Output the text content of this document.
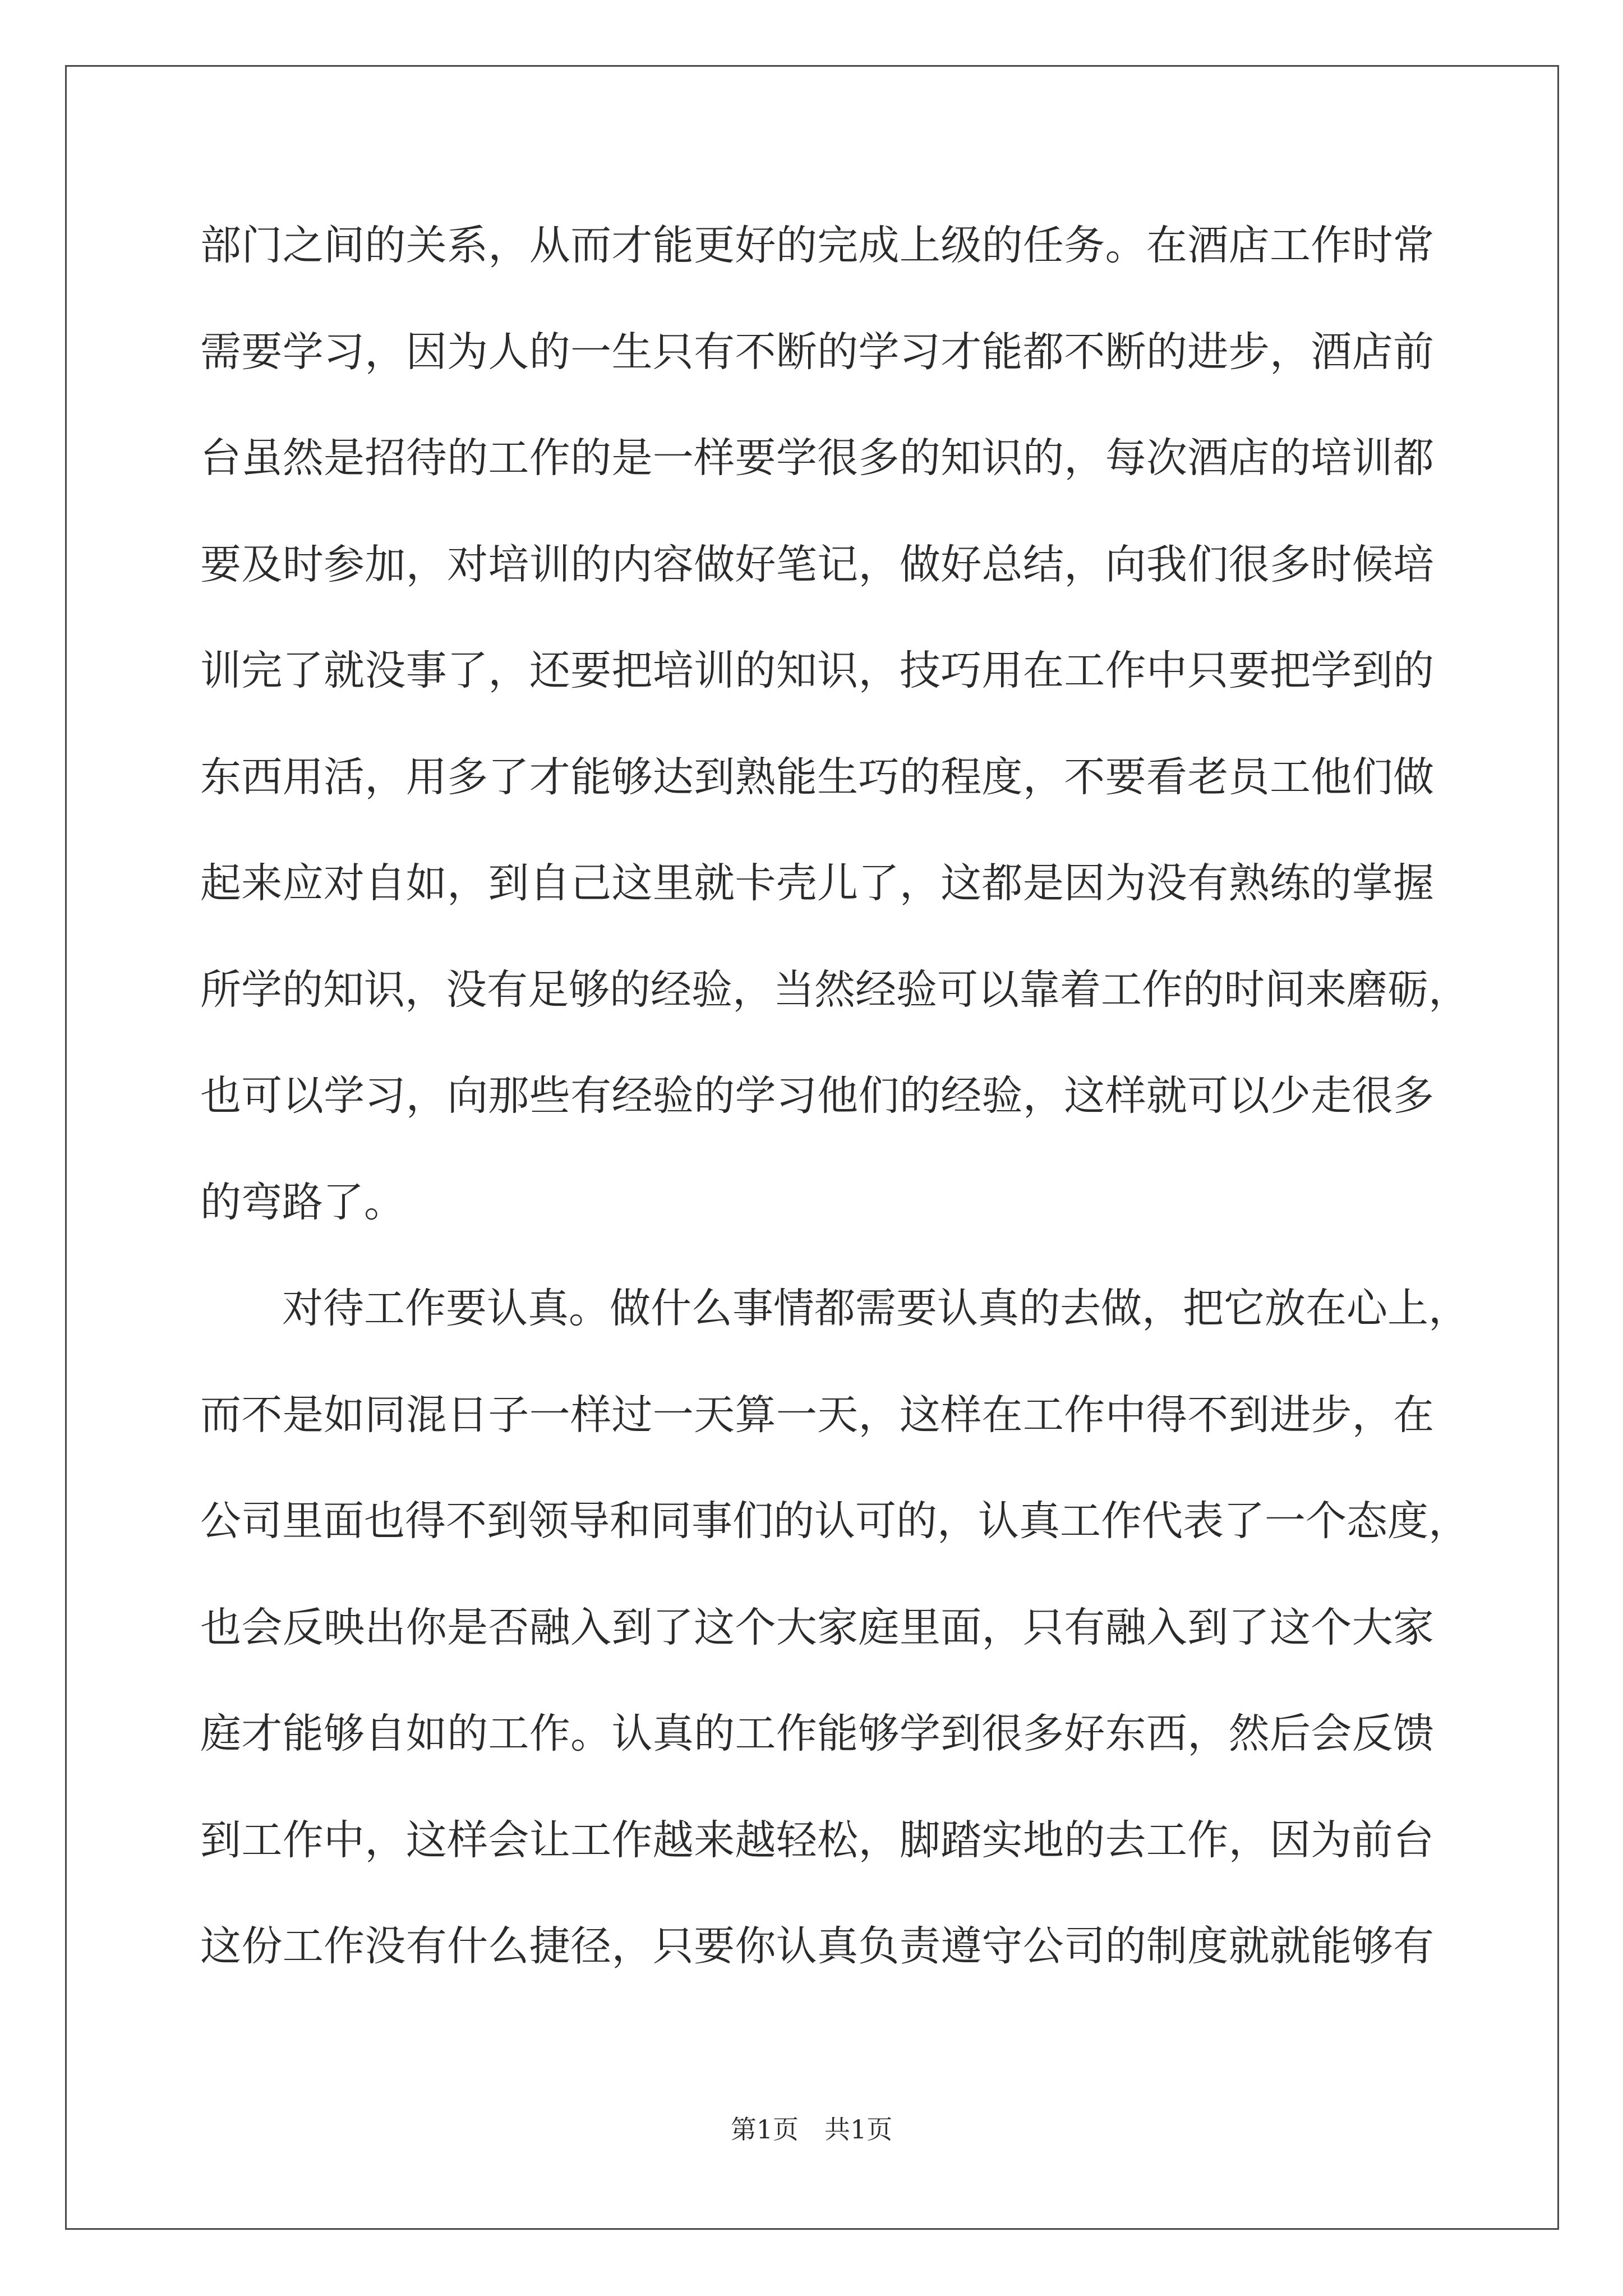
部门之间的关系，从而才能更好的完成上级的任务。在酒店工作时常
需要学习，因为人的一生只有不断的学习才能都不断的进步，酒店前
台虽然是招待的工作的是一样要学很多的知识的，每次酒店的培训都
要及时参加，对培训的内容做好笔记，做好总结，向我们很多时候培
训完了就没事了，还要把培训的知识，技巧用在工作中只要把学到的
东西用活，用多了才能够达到熟能生巧的程度，不要看老员工他们做
起来应对自如，到自己这里就卡壳儿了，这都是因为没有熟练的掌握
所学的知识，没有足够的经验，当然经验可以靠着工作的时间来磨砺，
也可以学习，向那些有经验的学习他们的经验，这样就可以少走很多
的弯路了。
对待工作要认真。做什么事情都需要认真的去做，把它放在心上，
而不是如同混日子一样过一天算一天，这样在工作中得不到进步，在
公司里面也得不到领导和同事们的认可的，认真工作代表了一个态度，
也会反映出你是否融入到了这个大家庭里面，只有融入到了这个大家
庭才能够自如的工作。认真的工作能够学到很多好东西，然后会反馈
到工作中，这样会让工作越来越轻松，脚踏实地的去工作，因为前台
这份工作没有什么捷径，只要你认真负责遵守公司的制度就就能够有
第1页　共1页
